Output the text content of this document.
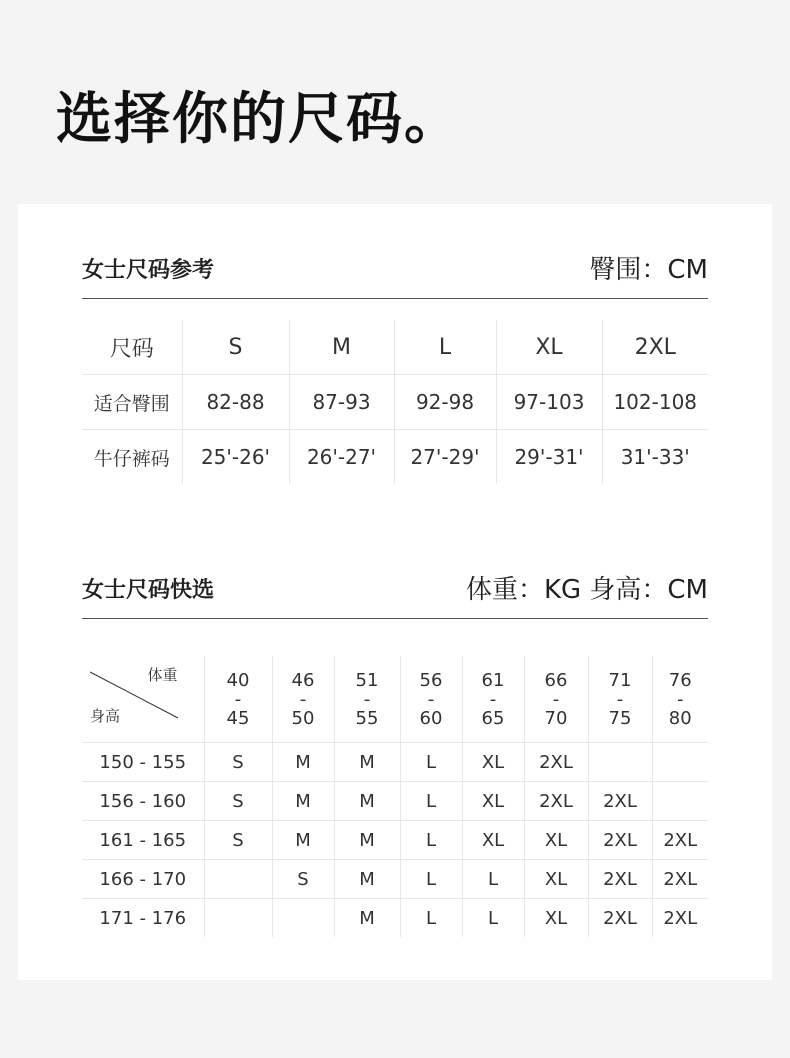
选择你的尺码。
女士尺码参考	臀围：CM
尺码	S	M	L	XL	2XL
适合臀围	82-88	87-93	92-98	97-103	102-108
牛仔裤码	25'-26'	26'-27'	27'-29'	29'-31'	31'-33'
女士尺码快选	体重：KG 身高：CM
体重
身高	40
-
45	46
-
50	51
-
55	56
-
60	61
-
65	66
-
70	71
-
75	76
-
80

150 - 155	S	M	M	L	XL	2XL		
156 - 160	S	M	M	L	XL	2XL	2XL	
161 - 165	S	M	M	L	XL	XL	2XL	2XL
166 - 170		S	M	L	L	XL	2XL	2XL
171 - 176			M	L	L	XL	2XL	2XL
